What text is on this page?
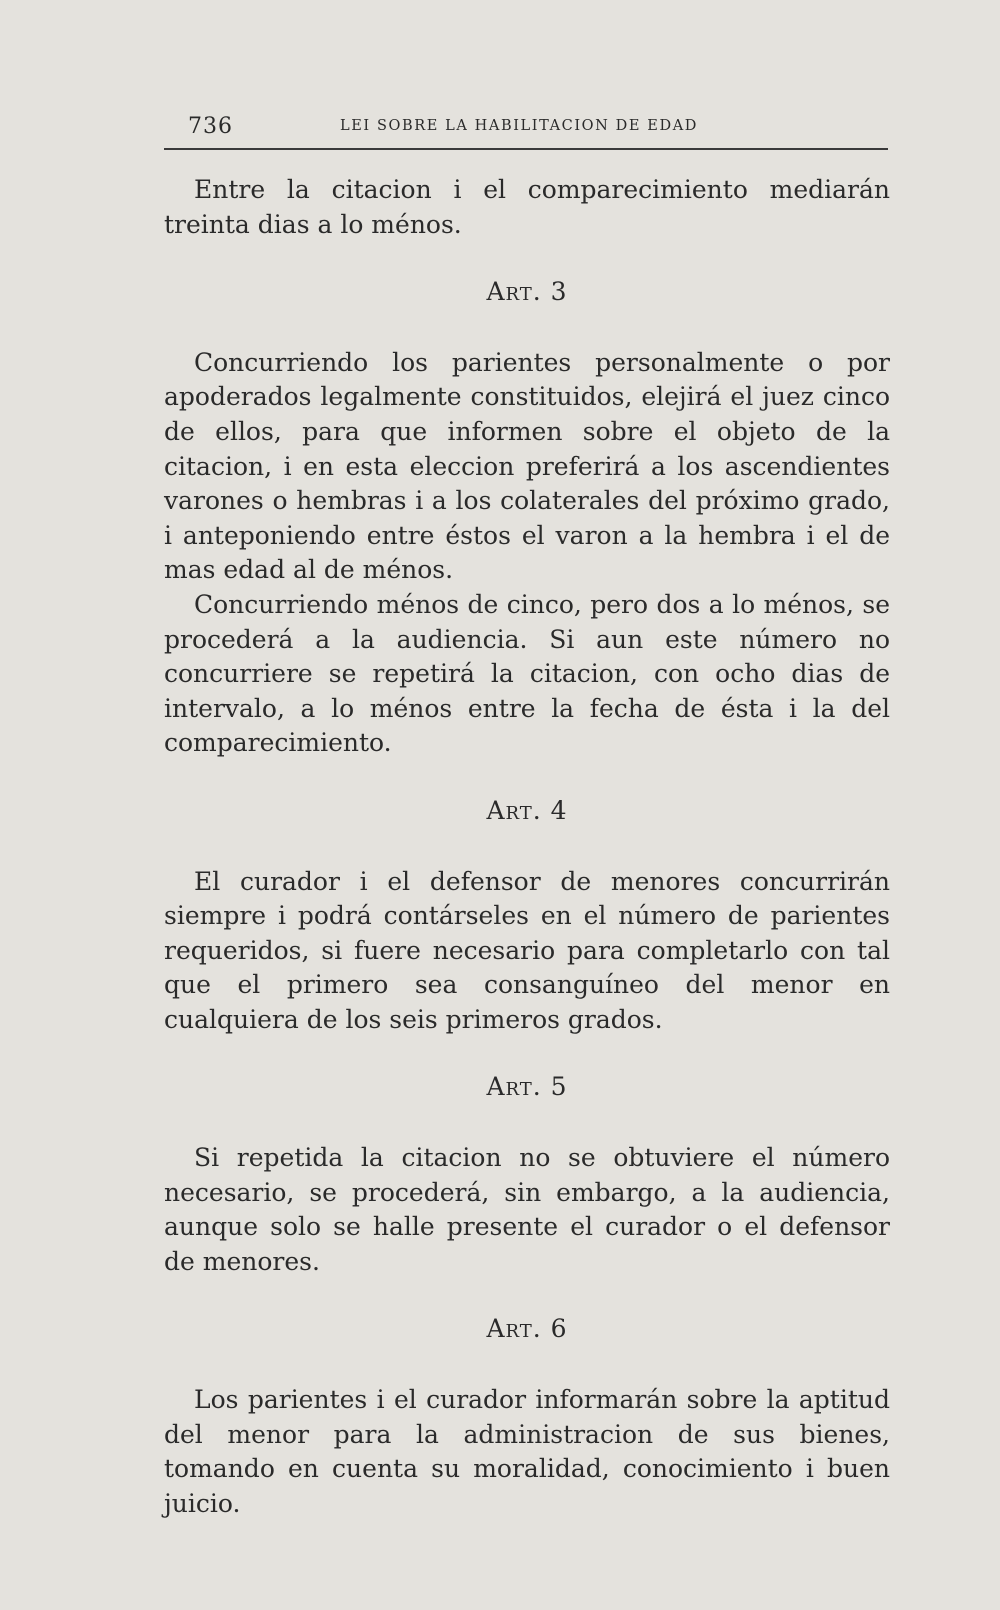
736	LEI SOBRE LA HABILITACION DE EDAD

Entre la citacion i el comparecimiento mediarán treinta dias a lo ménos.

Art. 3

Concurriendo los parientes personalmente o por apoderados legalmente constituidos, elejirá el juez cinco de ellos, para que informen sobre el objeto de la citacion, i en esta eleccion preferirá a los ascendientes varones o hembras i a los colaterales del próximo grado, i anteponiendo entre éstos el varon a la hembra i el de mas edad al de ménos.

Concurriendo ménos de cinco, pero dos a lo ménos, se procederá a la audiencia. Si aun este número no concurriere se repetirá la citacion, con ocho dias de intervalo, a lo ménos entre la fecha de ésta i la del comparecimiento.

Art. 4

El curador i el defensor de menores concurrirán siempre i podrá contárseles en el número de parientes requeridos, si fuere necesario para completarlo con tal que el primero sea consanguíneo del menor en cualquiera de los seis primeros grados.

Art. 5

Si repetida la citacion no se obtuviere el número necesario, se procederá, sin embargo, a la audiencia, aunque solo se halle presente el curador o el defensor de menores.

Art. 6

Los parientes i el curador informarán sobre la aptitud del menor para la administracion de sus bienes, tomando en cuenta su moralidad, conocimiento i buen juicio.
